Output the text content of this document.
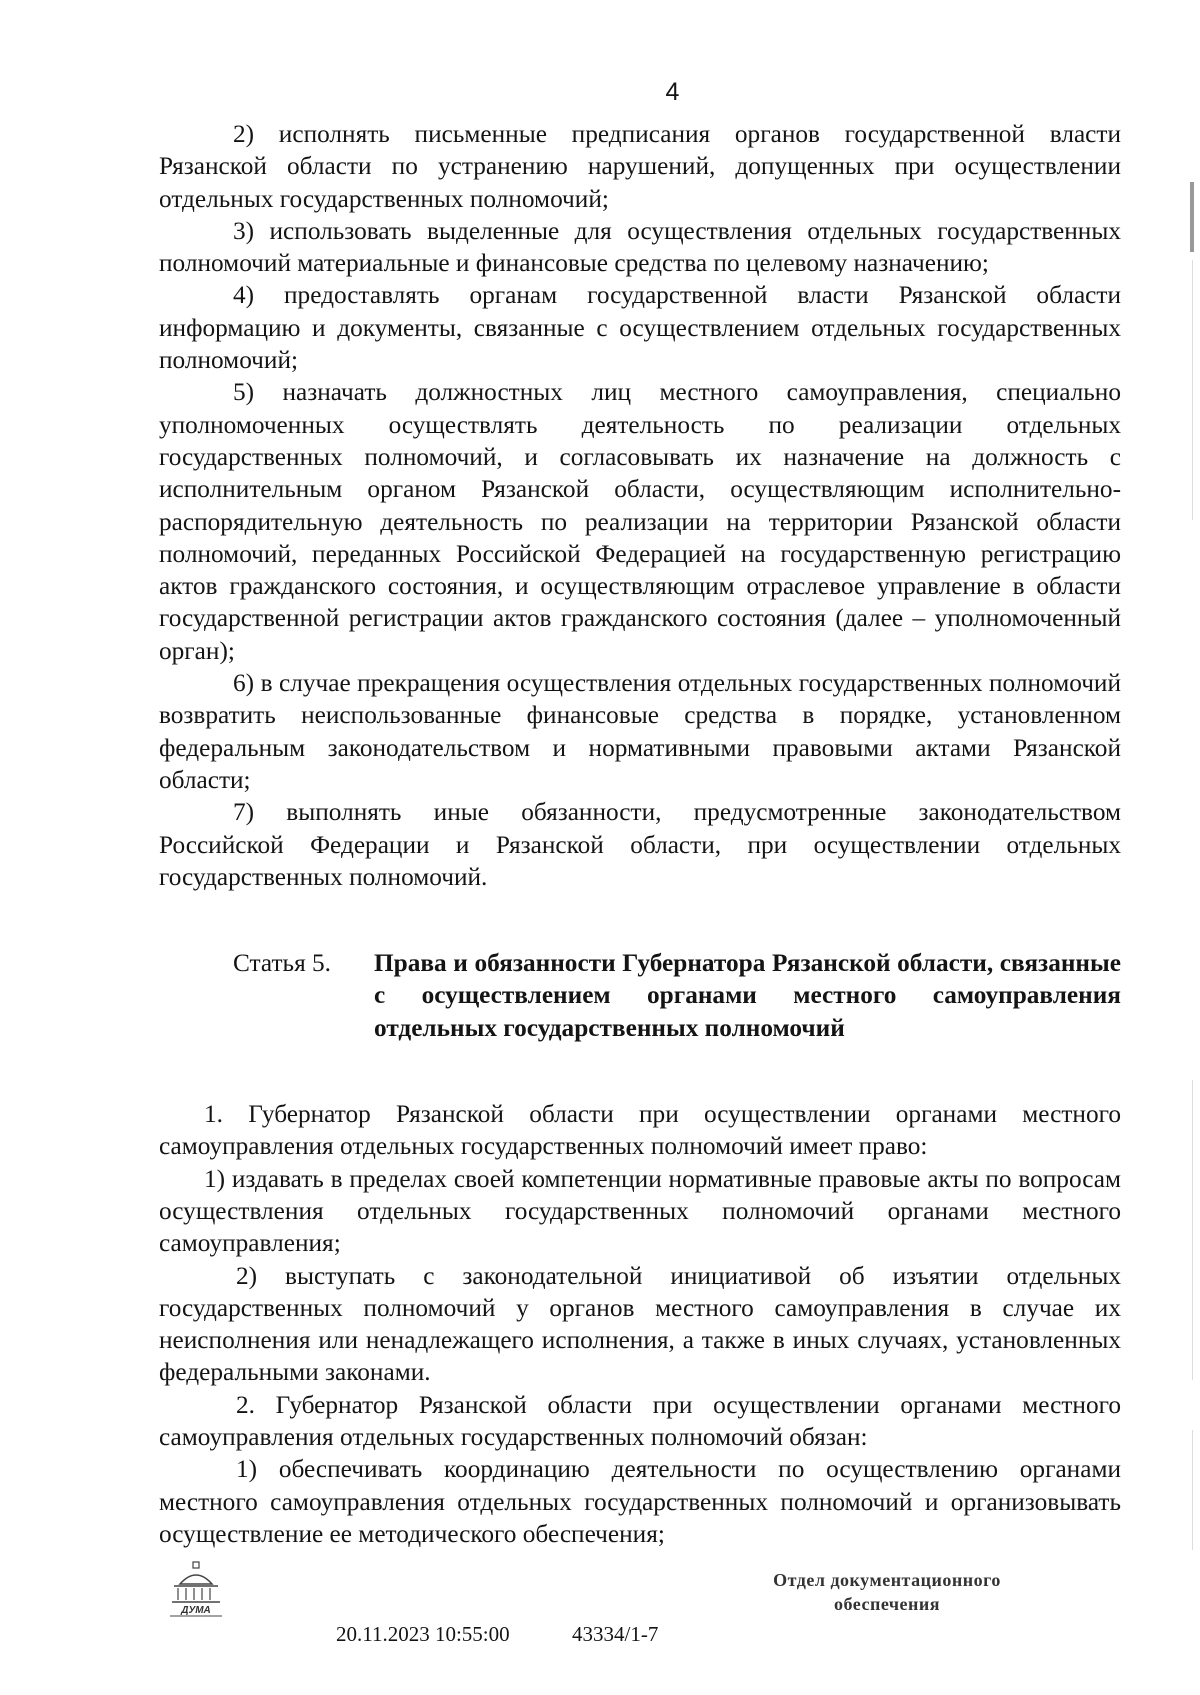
4

2) исполнять письменные предписания органов государственной власти Рязанской области по устранению нарушений, допущенных при осуществлении отдельных государственных полномочий;

3) использовать выделенные для осуществления отдельных государственных полномочий материальные и финансовые средства по целевому назначению;

4) предоставлять органам государственной власти Рязанской области информацию и документы, связанные с осуществлением отдельных государственных полномочий;

5) назначать должностных лиц местного самоуправления, специально уполномоченных осуществлять деятельность по реализации отдельных государственных полномочий, и согласовывать их назначение на должность с исполнительным органом Рязанской области, осуществляющим исполнительно-распорядительную деятельность по реализации на территории Рязанской области полномочий, переданных Российской Федерацией на государственную регистрацию актов гражданского состояния, и осуществляющим отраслевое управление в области государственной регистрации актов гражданского состояния (далее – уполномоченный орган);

6) в случае прекращения осуществления отдельных государственных полномочий возвратить неиспользованные финансовые средства в порядке, установленном федеральным законодательством и нормативными правовыми актами Рязанской области;

7) выполнять иные обязанности, предусмотренные законодательством Российской Федерации и Рязанской области, при осуществлении отдельных государственных полномочий.

Статья 5.	Права и обязанности Губернатора Рязанской области, связанные с осуществлением органами местного самоуправления отдельных государственных полномочий

1. Губернатор Рязанской области при осуществлении органами местного самоуправления отдельных государственных полномочий имеет право:

1) издавать в пределах своей компетенции нормативные правовые акты по вопросам осуществления отдельных государственных полномочий органами местного самоуправления;

2) выступать с законодательной инициативой об изъятии отдельных государственных полномочий у органов местного самоуправления в случае их неисполнения или ненадлежащего исполнения, а также в иных случаях, установленных федеральными законами.

2. Губернатор Рязанской области при осуществлении органами местного самоуправления отдельных государственных полномочий обязан:

1) обеспечивать координацию деятельности по осуществлению органами местного самоуправления отдельных государственных полномочий и организовывать осуществление ее методического обеспечения;

ДУМА
20.11.2023 10:55:00	43334/1-7
Отдел документационного обеспечения
